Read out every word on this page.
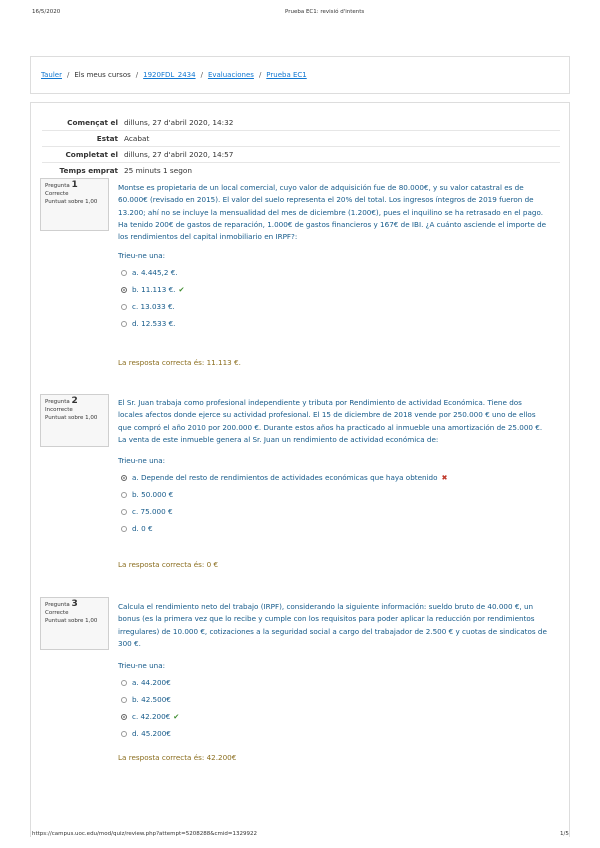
16/5/2020	Prueba EC1: revisió d'intents
Tauler / Els meus cursos / 1920FDL_2434 / Evaluaciones / Prueba EC1
Començat el	dilluns, 27 d'abril 2020, 14:32
Estat	Acabat
Completat el	dilluns, 27 d'abril 2020, 14:57
Temps emprat	25 minuts 1 segon
Pregunta 1
Correcte
Puntuat sobre 1,00
Montse es propietaria de un local comercial, cuyo valor de adquisición fue de 80.000€, y su valor catastral es de 60.000€ (revisado en 2015). El valor del suelo representa el 20% del total. Los ingresos íntegros de 2019 fueron de 13.200; ahí no se incluye la mensualidad del mes de diciembre (1.200€), pues el inquilino se ha retrasado en el pago. Ha tenido 200€ de gastos de reparación, 1.000€ de gastos financieros y 167€ de IBI. ¿A cuánto asciende el importe de los rendimientos del capital inmobiliario en IRPF?:
Trieu-ne una:
a. 4.445,2 €.
b. 11.113 €. ✔
c. 13.033 €.
d. 12.533 €.
La resposta correcta és: 11.113 €.
Pregunta 2
Incorrecte
Puntuat sobre 1,00
El Sr. Juan trabaja como profesional independiente y tributa por Rendimiento de actividad Económica. Tiene dos locales afectos donde ejerce su actividad profesional. El 15 de diciembre de 2018 vende por 250.000 € uno de ellos que compró el año 2010 por 200.000 €. Durante estos años ha practicado al inmueble una amortización de 25.000 €. La venta de este inmueble genera al Sr. Juan un rendimiento de actividad económica de:
Trieu-ne una:
a. Depende del resto de rendimientos de actividades económicas que haya obtenido ✖
b. 50.000 €
c. 75.000 €
d. 0 €
La resposta correcta és: 0 €
Pregunta 3
Correcte
Puntuat sobre 1,00
Calcula el rendimiento neto del trabajo (IRPF), considerando la siguiente información: sueldo bruto de 40.000 €, un bonus (es la primera vez que lo recibe y cumple con los requisitos para poder aplicar la reducción por rendimientos irregulares) de 10.000 €, cotizaciones a la seguridad social a cargo del trabajador de 2.500 € y cuotas de sindicatos de 300 €.
Trieu-ne una:
a. 44.200€
b. 42.500€
c. 42.200€ ✔
d. 45.200€
La resposta correcta és: 42.200€
https://campus.uoc.edu/mod/quiz/review.php?attempt=5208288&cmid=1329922	1/5
